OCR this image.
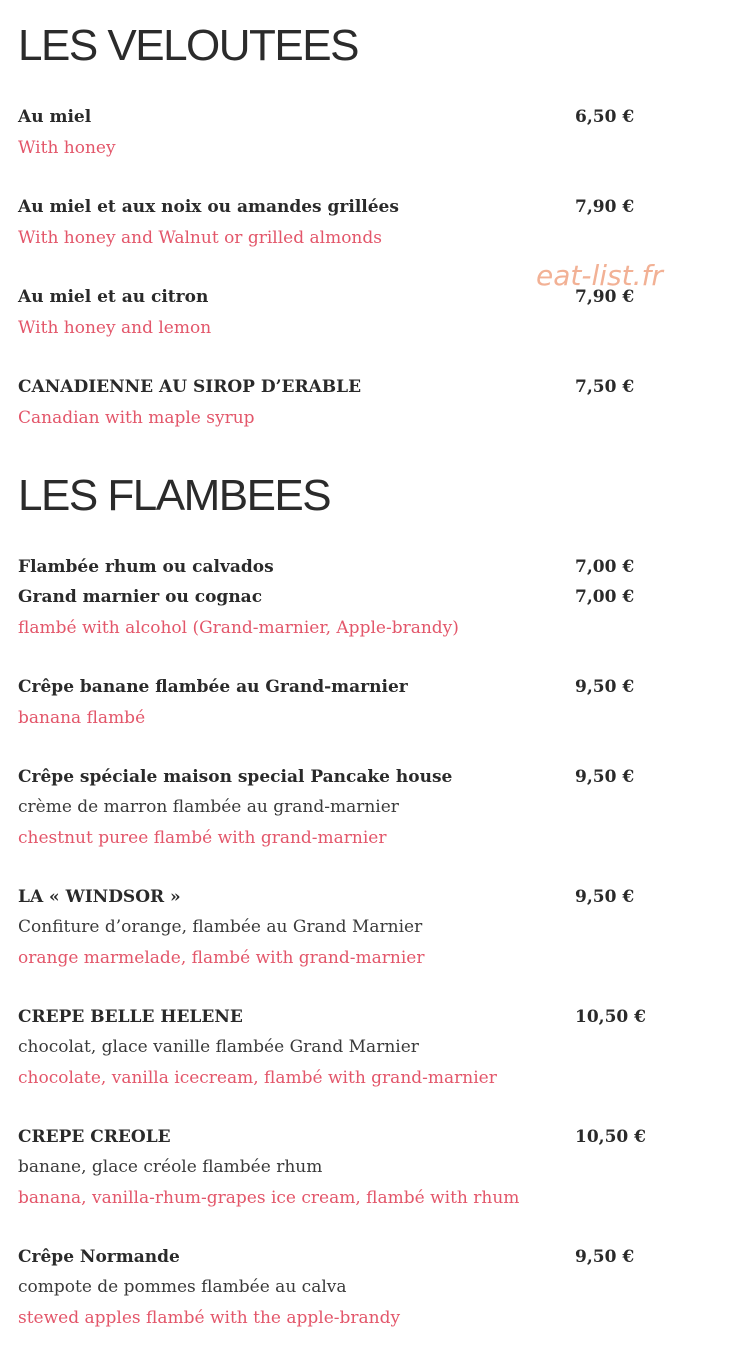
LES VELOUTEES
Au miel	6,50 €
With honey
Au miel et aux noix ou amandes grillées	7,90 €
With honey and Walnut or grilled almonds
Au miel et au citron	7,90 €
With honey and lemon
CANADIENNE AU SIROP D’ERABLE	7,50 €
Canadian with maple syrup
LES FLAMBEES
Flambée rhum ou calvados	7,00 €
Grand marnier ou cognac	7,00 €
flambé with alcohol (Grand-marnier, Apple-brandy)
Crêpe banane flambée au Grand-marnier	9,50 €
banana flambé
Crêpe spéciale maison special Pancake house	9,50 €
crème de marron flambée au grand-marnier
chestnut puree flambé with grand-marnier
LA « WINDSOR »	9,50 €
Confiture d’orange, flambée au Grand Marnier
orange marmelade, flambé with grand-marnier
CREPE BELLE HELENE	10,50 €
chocolat, glace vanille flambée Grand Marnier
chocolate, vanilla icecream, flambé with grand-marnier
CREPE CREOLE	10,50 €
banane, glace créole flambée rhum
banana, vanilla-rhum-grapes ice cream, flambé with rhum
Crêpe Normande	9,50 €
compote de pommes flambée au calva
stewed apples flambé with the apple-brandy
eat-list.fr
